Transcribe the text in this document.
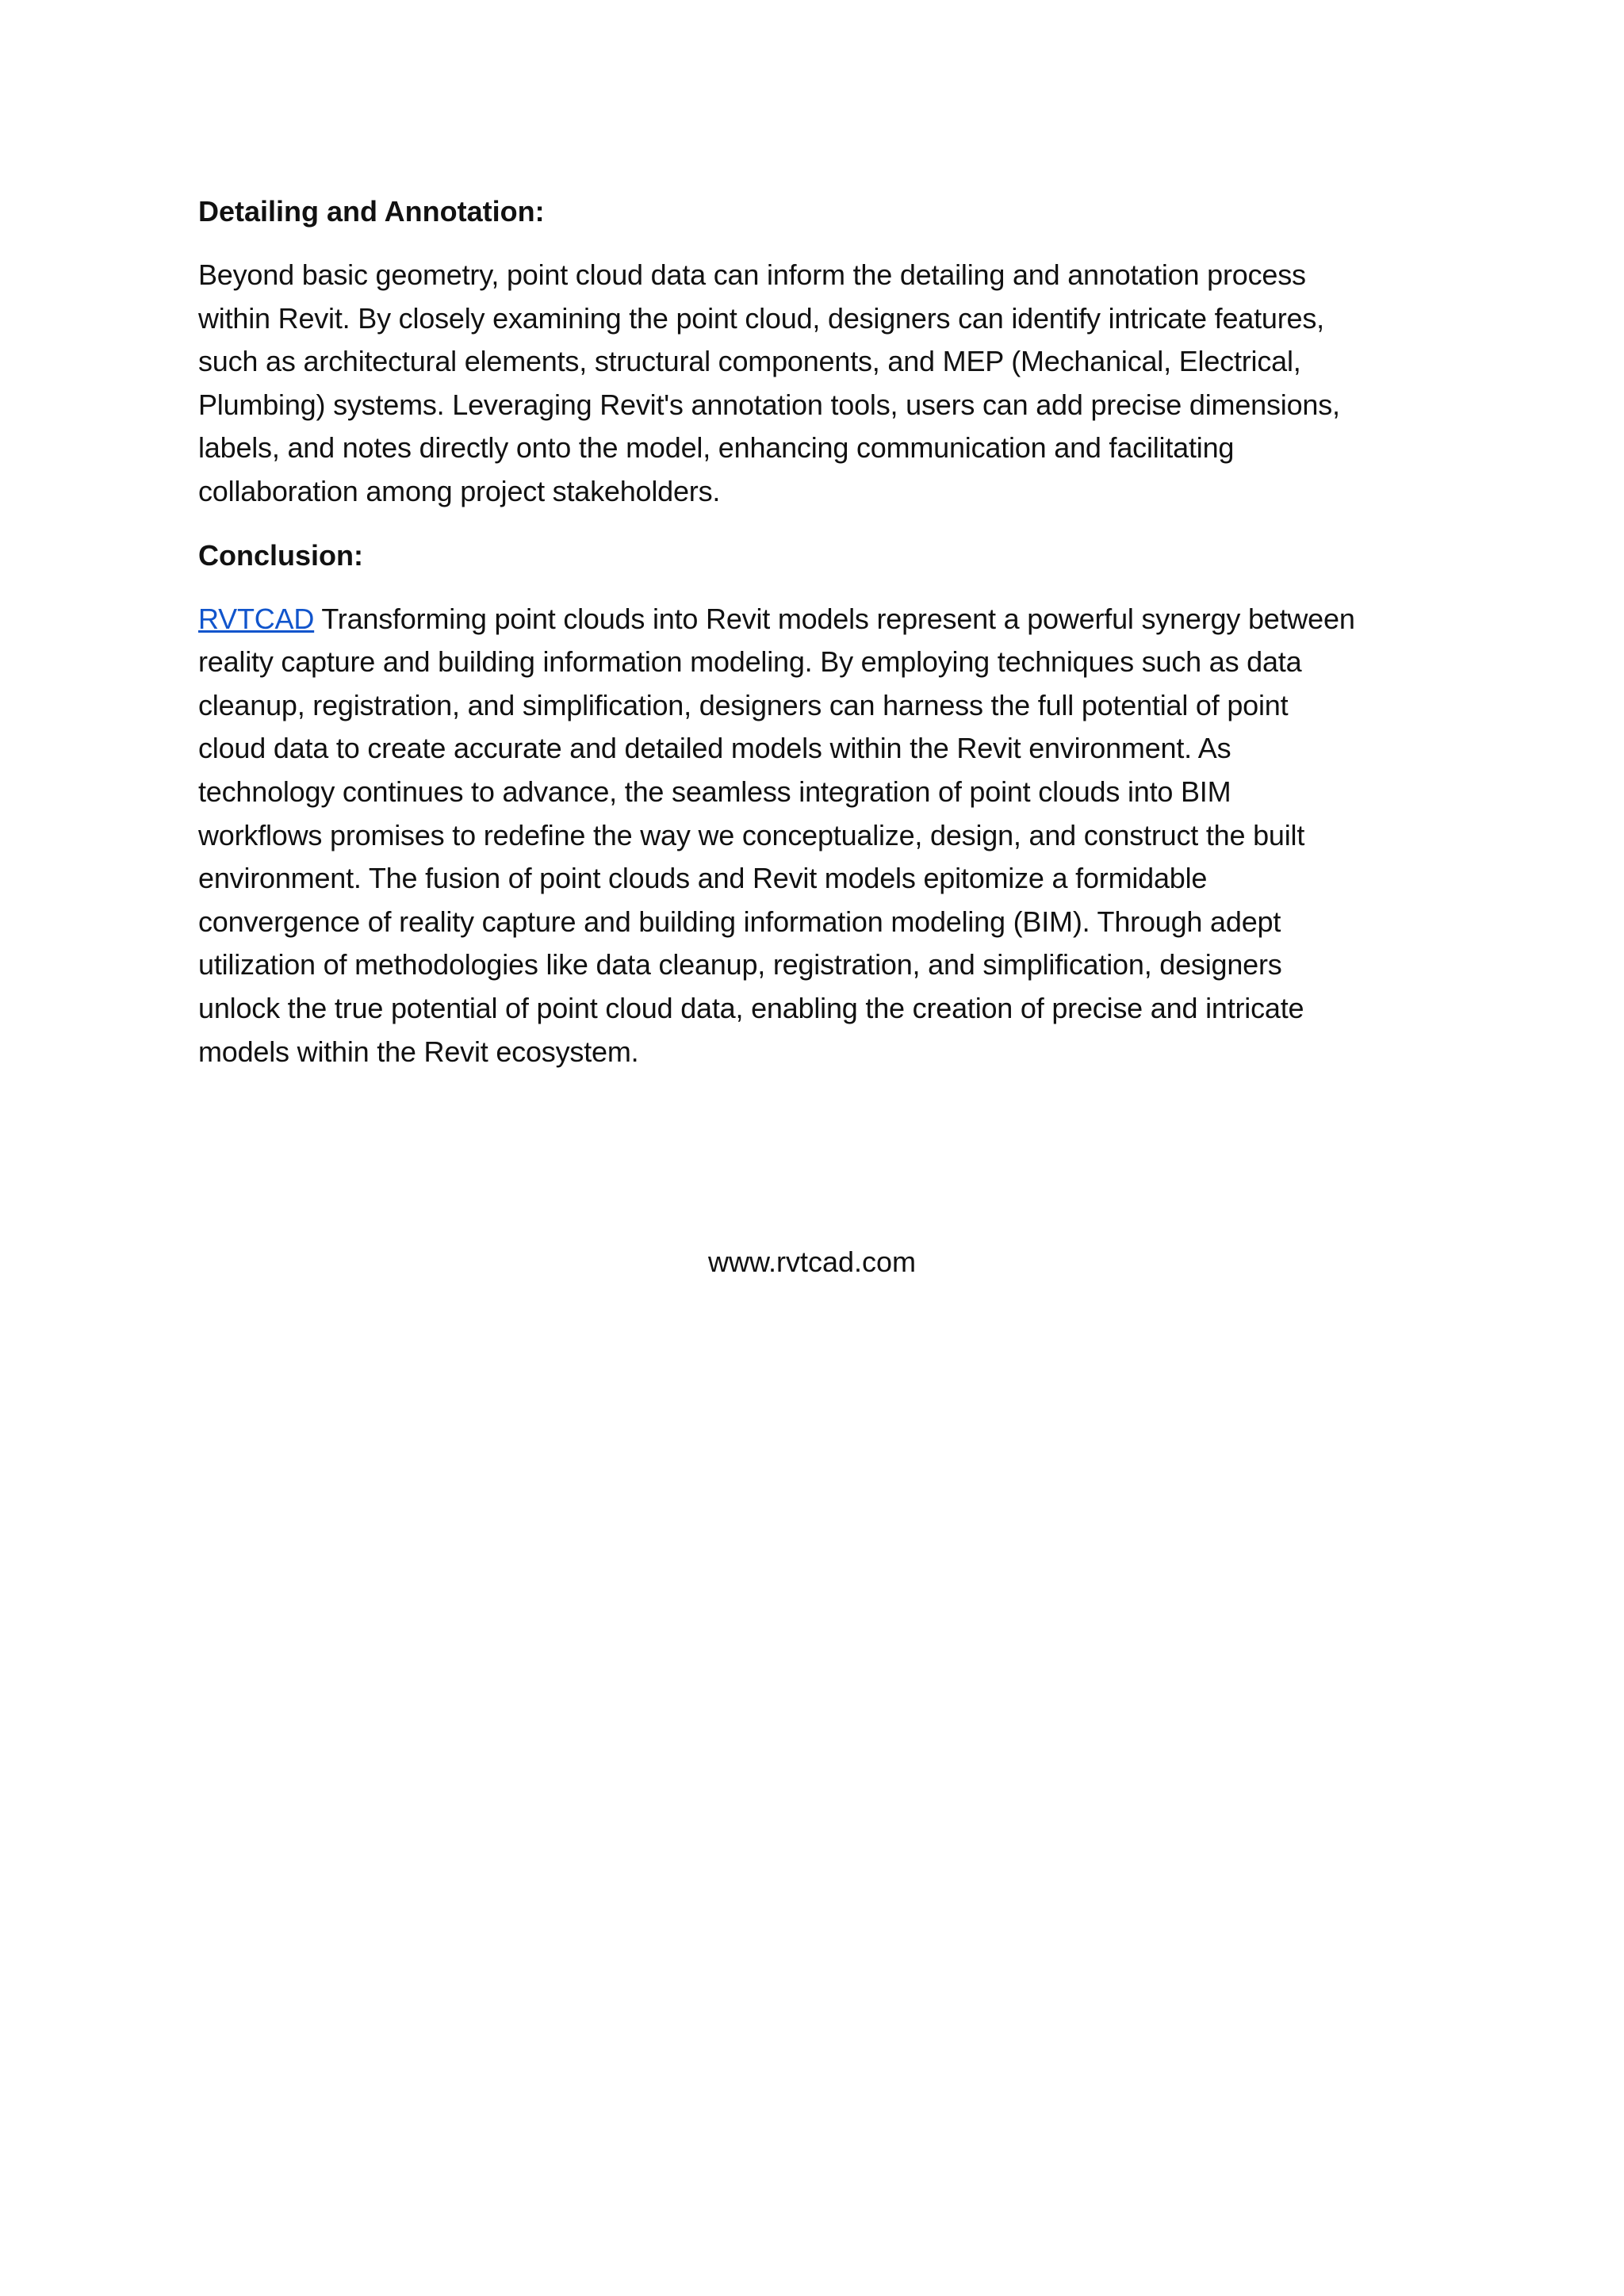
Detailing and Annotation:
Beyond basic geometry, point cloud data can inform the detailing and annotation process
within Revit. By closely examining the point cloud, designers can identify intricate features,
such as architectural elements, structural components, and MEP (Mechanical, Electrical,
Plumbing) systems. Leveraging Revit's annotation tools, users can add precise dimensions,
labels, and notes directly onto the model, enhancing communication and facilitating
collaboration among project stakeholders.
Conclusion:
RVTCAD Transforming point clouds into Revit models represent a powerful synergy between
reality capture and building information modeling. By employing techniques such as data
cleanup, registration, and simplification, designers can harness the full potential of point
cloud data to create accurate and detailed models within the Revit environment. As
technology continues to advance, the seamless integration of point clouds into BIM
workflows promises to redefine the way we conceptualize, design, and construct the built
environment. The fusion of point clouds and Revit models epitomize a formidable
convergence of reality capture and building information modeling (BIM). Through adept
utilization of methodologies like data cleanup, registration, and simplification, designers
unlock the true potential of point cloud data, enabling the creation of precise and intricate
models within the Revit ecosystem.
www.rvtcad.com
